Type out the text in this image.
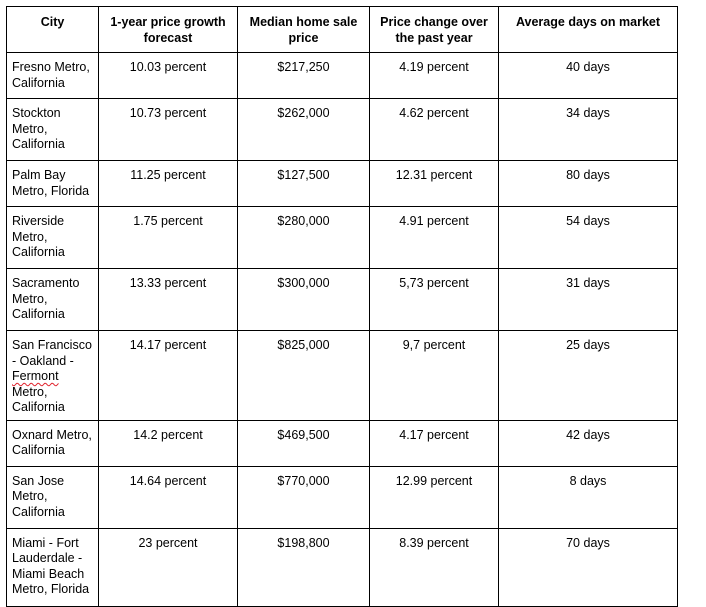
City	1-year price growth forecast	Median home sale price	Price change over the past year	Average days on market
Fresno Metro, California	10.03 percent	$217,250	4.19 percent	40 days
Stockton Metro, California	10.73 percent	$262,000	4.62 percent	34 days
Palm Bay Metro, Florida	11.25 percent	$127,500	12.31 percent	80 days
Riverside Metro, California	1.75 percent	$280,000	4.91 percent	54 days
Sacramento Metro, California	13.33 percent	$300,000	5,73 percent	31 days
San Francisco - Oakland - Fermont Metro, California	14.17 percent	$825,000	9,7 percent	25 days
Oxnard Metro, California	14.2 percent	$469,500	4.17 percent	42 days
San Jose Metro, California	14.64 percent	$770,000	12.99 percent	8 days
Miami - Fort Lauderdale - Miami Beach Metro, Florida	23 percent	$198,800	8.39 percent	70 days
